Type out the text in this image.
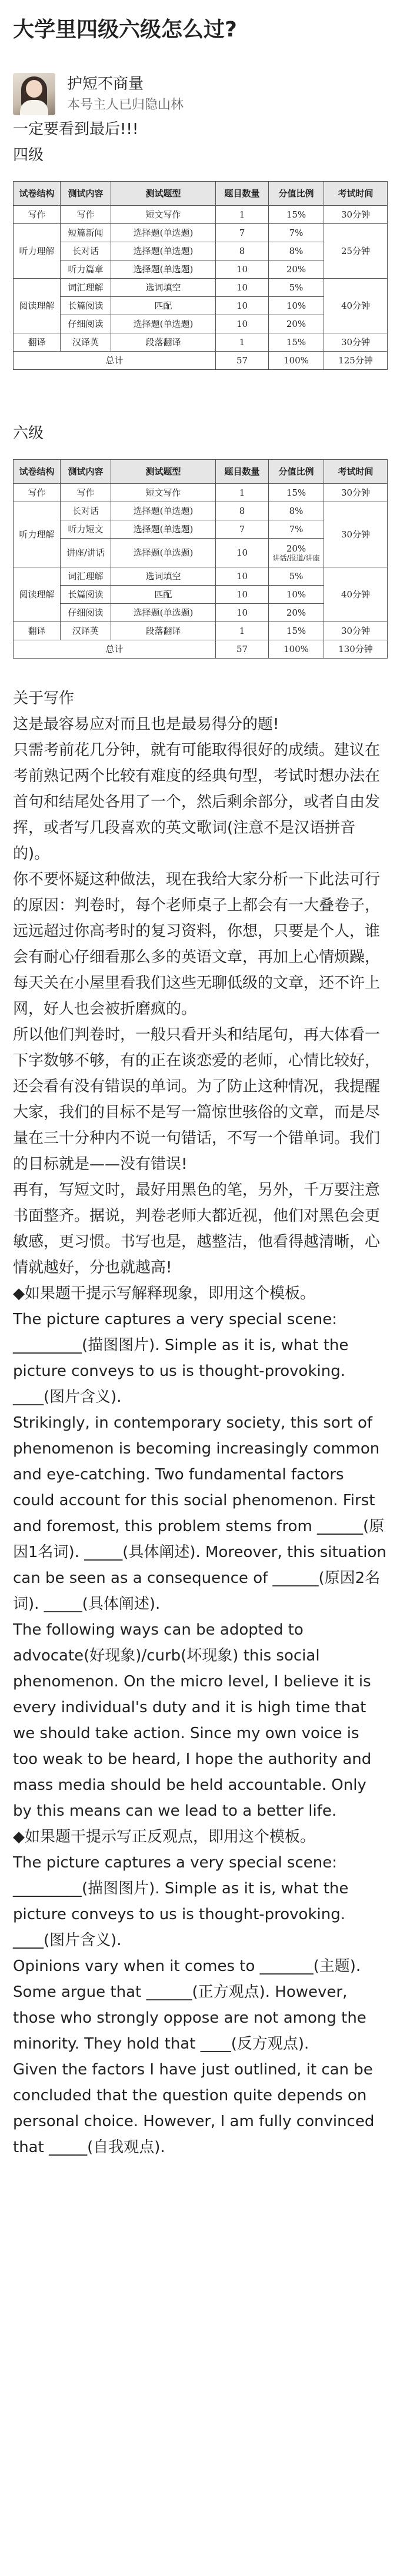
大学里四级六级怎么过?
护短不商量
本号主人已归隐山林

一定要看到最后!!!

四级

试卷结构	测试内容	测试题型	题目数量	分值比例	考试时间
写作	写作	短文写作	1	15%	30分钟
听力理解	短篇新闻	选择题(单选题)	7	7%	25分钟
	长对话	选择题(单选题)	8	8%	
	听力篇章	选择题(单选题)	10	20%	
阅读理解	词汇理解	选词填空	10	5%	40分钟
	长篇阅读	匹配	10	10%	
	仔细阅读	选择题(单选题)	10	20%	
翻译	汉译英	段落翻译	1	15%	30分钟
总计			57	100%	125分钟

六级

试卷结构	测试内容	测试题型	题目数量	分值比例	考试时间
写作	写作	短文写作	1	15%	30分钟
听力理解	长对话	选择题(单选题)	8	8%	30分钟
	听力短文	选择题(单选题)	7	7%	

	讲座/讲话	选择题(单选题)	10	20%
讲话/报道/讲座	

阅读理解	词汇理解	选词填空	10	5%	40分钟
	长篇阅读	匹配	10	10%	
	仔细阅读	选择题(单选题)	10	20%	
翻译	汉译英	段落翻译	1	15%	30分钟
总计			57	100%	130分钟

关于写作

这是最容易应对而且也是最易得分的题!

只需考前花几分钟，就有可能取得很好的成绩。建议在考前熟记两个比较有难度的经典句型，考试时想办法在首句和结尾处各用了一个，然后剩余部分，或者自由发挥，或者写几段喜欢的英文歌词(注意不是汉语拼音的)。

你不要怀疑这种做法，现在我给大家分析一下此法可行的原因：判卷时，每个老师桌子上都会有一大叠卷子，远远超过你高考时的复习资料，你想，只要是个人，谁会有耐心仔细看那么多的英语文章，再加上心情烦躁，每天关在小屋里看我们这些无聊低级的文章，还不许上网，好人也会被折磨疯的。

所以他们判卷时，一般只看开头和结尾句，再大体看一下字数够不够，有的正在谈恋爱的老师，心情比较好，还会看有没有错误的单词。为了防止这种情况，我提醒大家，我们的目标不是写一篇惊世骇俗的文章，而是尽量在三十分种内不说一句错话，不写一个错单词。我们的目标就是——没有错误!

再有，写短文时，最好用黑色的笔，另外，千万要注意书面整齐。据说，判卷老师大都近视，他们对黑色会更敏感，更习惯。书写也是，越整洁，他看得越清晰，心情就越好，分也就越高!

◆如果题干提示写解释现象，即用这个模板。

The picture captures a very special scene: _________(描图图片). Simple as it is, what the picture conveys to us is thought-provoking. ____(图片含义).

Strikingly, in contemporary society, this sort of phenomenon is becoming increasingly common and eye-catching. Two fundamental factors could account for this social phenomenon. First and foremost, this problem stems from ______(原因1名词). _____(具体阐述). Moreover, this situation can be seen as a consequence of ______(原因2名词). _____(具体阐述).

The following ways can be adopted to advocate(好现象)/curb(坏现象) this social phenomenon. On the micro level, I believe it is every individual's duty and it is high time that we should take action. Since my own voice is too weak to be heard, I hope the authority and mass media should be held accountable. Only by this means can we lead to a better life.

◆如果题干提示写正反观点，即用这个模板。

The picture captures a very special scene: _________(描图图片). Simple as it is, what the picture conveys to us is thought-provoking. ____(图片含义).

Opinions vary when it comes to _______(主题). Some argue that ______(正方观点). However, those who strongly oppose are not among the minority. They hold that ____(反方观点).

Given the factors I have just outlined, it can be concluded that the question quite depends on personal choice. However, I am fully convinced that _____(自我观点).
